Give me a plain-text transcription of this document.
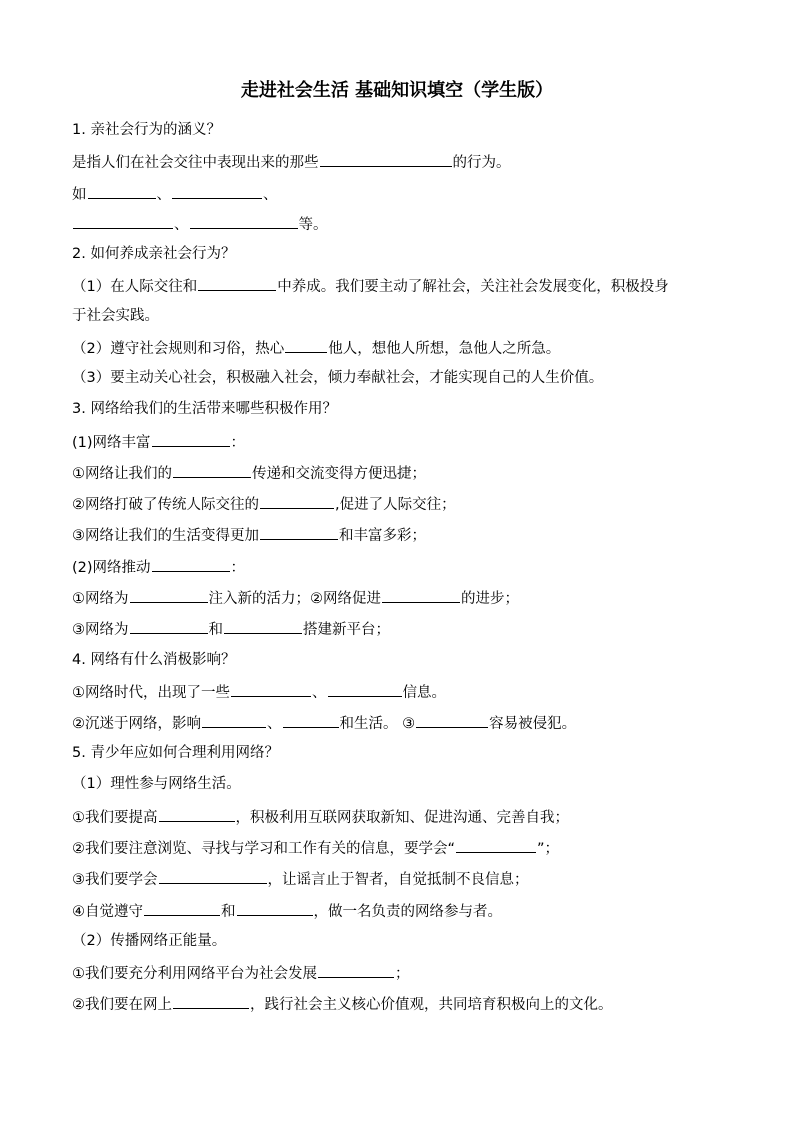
走进社会生活 基础知识填空（学生版）
1. 亲社会行为的涵义？
是指人们在社会交往中表现出来的那些	的行为。
如	、	、
、	等。
2. 如何养成亲社会行为？
（1）在人际交往和	中养成。我们要主动了解社会，关注社会发展变化，积极投身
于社会实践。
（2）遵守社会规则和习俗，热心	他人，想他人所想，急他人之所急。
（3）要主动关心社会，积极融入社会，倾力奉献社会，才能实现自己的人生价值。
3. 网络给我们的生活带来哪些积极作用？
(1)网络丰富	：
①网络让我们的	传递和交流变得方便迅捷；
②网络打破了传统人际交往的	,促进了人际交往；
③网络让我们的生活变得更加	和丰富多彩；
(2)网络推动	：
①网络为	注入新的活力；②网络促进	的进步；
③网络为	和	搭建新平台；
4. 网络有什么消极影响？
①网络时代，出现了一些	、	信息。
②沉迷于网络，影响	、	和生活。 ③	容易被侵犯。
5. 青少年应如何合理利用网络？
（1）理性参与网络生活。
①我们要提高	，积极利用互联网获取新知、促进沟通、完善自我；
②我们要注意浏览、寻找与学习和工作有关的信息，要学会“	”；
③我们要学会	，让谣言止于智者，自觉抵制不良信息；
④自觉遵守	和	，做一名负责的网络参与者。
（2）传播网络正能量。
①我们要充分利用网络平台为社会发展	；
②我们要在网上	，践行社会主义核心价值观，共同培育积极向上的文化。
